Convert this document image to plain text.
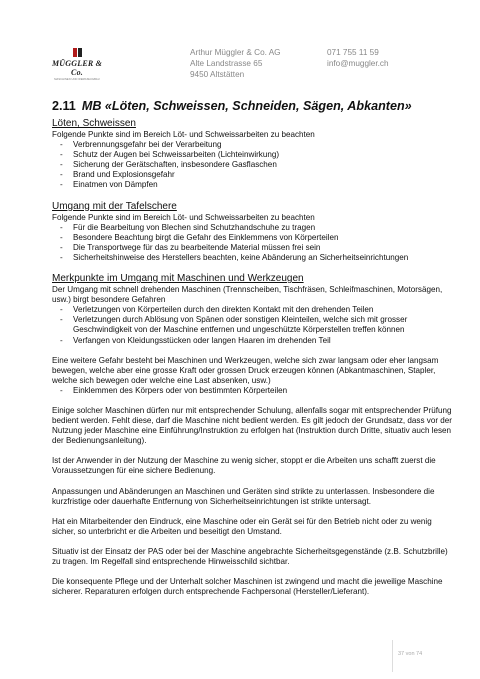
MÜGGLER & Co.
MASCHINEN UND WERKZEUGBAU
Arthur Müggler & Co. AG
Alte Landstrasse 65
9450 Altstätten
071 755 11 59
info@muggler.ch
2.11 MB «Löten, Schweissen, Schneiden, Sägen, Abkanten»
Löten, Schweissen

Folgende Punkte sind im Bereich Löt- und Schweissarbeiten zu beachten

- Verbrennungsgefahr bei der Verarbeitung
- Schutz der Augen bei Schweissarbeiten (Lichteinwirkung)
- Sicherung der Gerätschaften, insbesondere Gasflaschen
- Brand und Explosionsgefahr
- Einatmen von Dämpfen
Umgang mit der Tafelschere

Folgende Punkte sind im Bereich Löt- und Schweissarbeiten zu beachten

- Für die Bearbeitung von Blechen sind Schutzhandschuhe zu tragen
- Besondere Beachtung birgt die Gefahr des Einklemmens von Körperteilen
- Die Transportwege für das zu bearbeitende Material müssen frei sein
- Sicherheitshinweise des Herstellers beachten, keine Abänderung an Sicherheitseinrichtungen
Merkpunkte im Umgang mit Maschinen und Werkzeugen

Der Umgang mit schnell drehenden Maschinen (Trennscheiben, Tischfräsen, Schleifmaschinen, Motorsägen, usw.) birgt besondere Gefahren

- Verletzungen von Körperteilen durch den direkten Kontakt mit den drehenden Teilen
- Verletzungen durch Ablösung von Spänen oder sonstigen Kleinteilen, welche sich mit grosser Geschwindigkeit von der Maschine entfernen und ungeschützte Körperstellen treffen können
- Verfangen von Kleidungsstücken oder langen Haaren im drehenden Teil

Eine weitere Gefahr besteht bei Maschinen und Werkzeugen, welche sich zwar langsam oder eher langsam bewegen, welche aber eine grosse Kraft oder grossen Druck erzeugen können (Abkantmaschinen, Stapler, welche sich bewegen oder welche eine Last absenken, usw.)

- Einklemmen des Körpers oder von bestimmten Körperteilen

Einige solcher Maschinen dürfen nur mit entsprechender Schulung, allenfalls sogar mit entsprechender Prüfung bedient werden. Fehlt diese, darf die Maschine nicht bedient werden. Es gilt jedoch der Grundsatz, dass vor der Nutzung jeder Maschine eine Einführung/Instruktion zu erfolgen hat (Instruktion durch Dritte, situativ auch lesen der Bedienungsanleitung).

Ist der Anwender in der Nutzung der Maschine zu wenig sicher, stoppt er die Arbeiten uns schafft zuerst die Voraussetzungen für eine sichere Bedienung.

Anpassungen und Abänderungen an Maschinen und Geräten sind strikte zu unterlassen. Insbesondere die kurzfristige oder dauerhafte Entfernung von Sicherheitseinrichtungen ist strikte untersagt.

Hat ein Mitarbeitender den Eindruck, eine Maschine oder ein Gerät sei für den Betrieb nicht oder zu wenig sicher, so unterbricht er die Arbeiten und beseitigt den Umstand.

Situativ ist der Einsatz der PAS oder bei der Maschine angebrachte Sicherheitsgegenstände (z.B. Schutzbrille) zu tragen. Im Regelfall sind entsprechende Hinweisschild sichtbar.

Die konsequente Pflege und der Unterhalt solcher Maschinen ist zwingend und macht die jeweilige Maschine sicherer. Reparaturen erfolgen durch entsprechende Fachpersonal (Hersteller/Lieferant).

37 von 74
